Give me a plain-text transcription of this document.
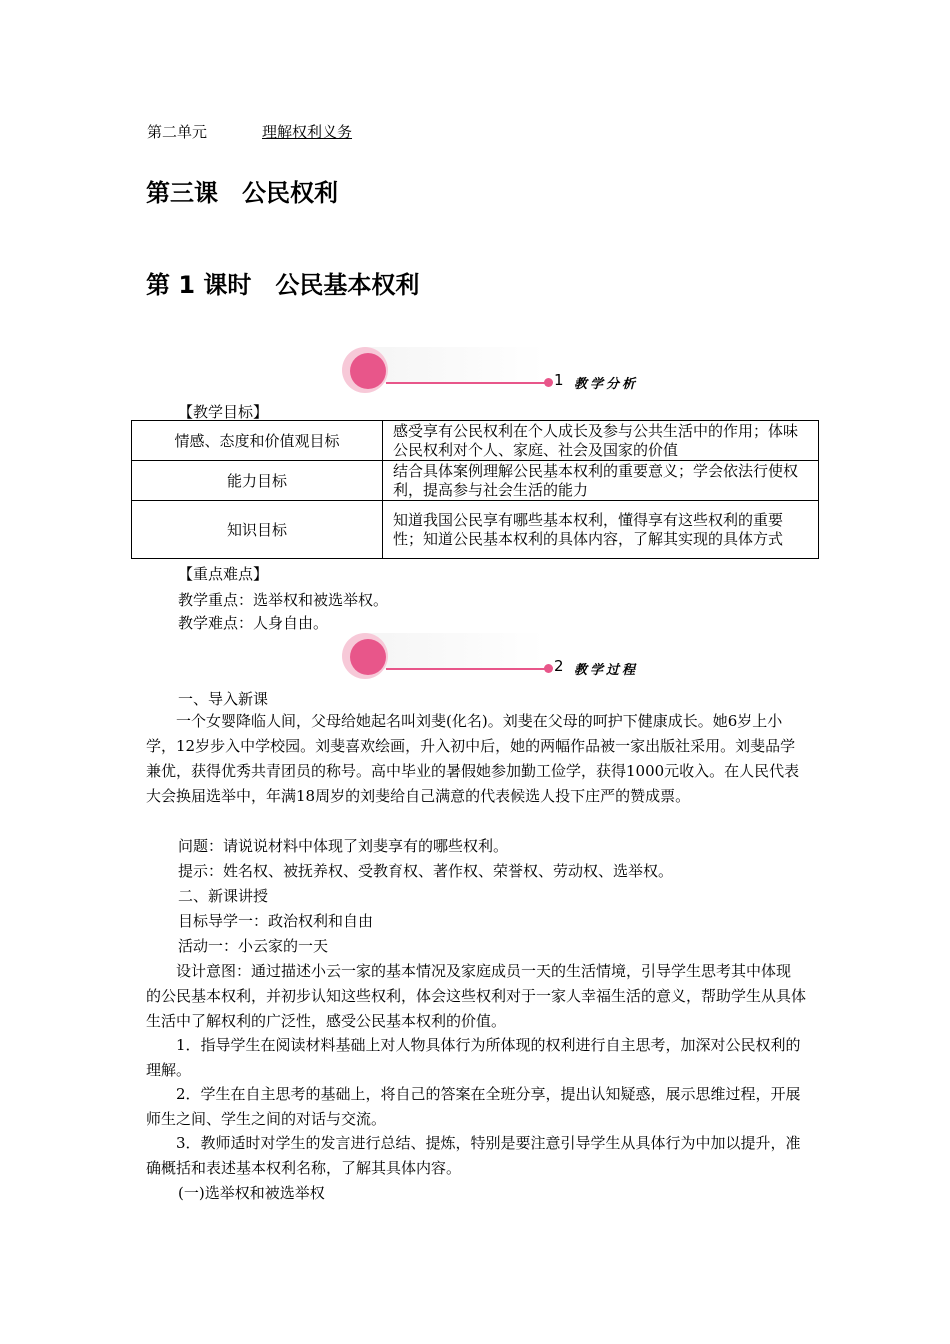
第二单元	理解权利义务
第三课 公民权利
第 1 课时 公民基本权利
1 教学分析
【教学目标】
情感、态度和价值观目标	感受享有公民权利在个人成长及参与公共生活中的作用；体味公民权利对个人、家庭、社会及国家的价值
能力目标	结合具体案例理解公民基本权利的重要意义；学会依法行使权利，提高参与社会生活的能力
知识目标	知道我国公民享有哪些基本权利，懂得享有这些权利的重要性；知道公民基本权利的具体内容，了解其实现的具体方式
【重点难点】
教学重点：选举权和被选举权。
教学难点：人身自由。
2 教学过程
一、导入新课
一个女婴降临人间，父母给她起名叫刘斐(化名)。刘斐在父母的呵护下健康成长。她6岁上小学，12岁步入中学校园。刘斐喜欢绘画，升入初中后，她的两幅作品被一家出版社采用。刘斐品学兼优，获得优秀共青团员的称号。高中毕业的暑假她参加勤工俭学，获得1000元收入。在人民代表大会换届选举中，年满18周岁的刘斐给自己满意的代表候选人投下庄严的赞成票。
问题：请说说材料中体现了刘斐享有的哪些权利。
提示：姓名权、被抚养权、受教育权、著作权、荣誉权、劳动权、选举权。
二、新课讲授
目标导学一：政治权利和自由
活动一：小云家的一天
设计意图：通过描述小云一家的基本情况及家庭成员一天的生活情境，引导学生思考其中体现的公民基本权利，并初步认知这些权利，体会这些权利对于一家人幸福生活的意义，帮助学生从具体生活中了解权利的广泛性，感受公民基本权利的价值。
1．指导学生在阅读材料基础上对人物具体行为所体现的权利进行自主思考，加深对公民权利的理解。
2．学生在自主思考的基础上，将自己的答案在全班分享，提出认知疑惑，展示思维过程，开展师生之间、学生之间的对话与交流。
3．教师适时对学生的发言进行总结、提炼，特别是要注意引导学生从具体行为中加以提升，准确概括和表述基本权利名称，了解其具体内容。
(一)选举权和被选举权
